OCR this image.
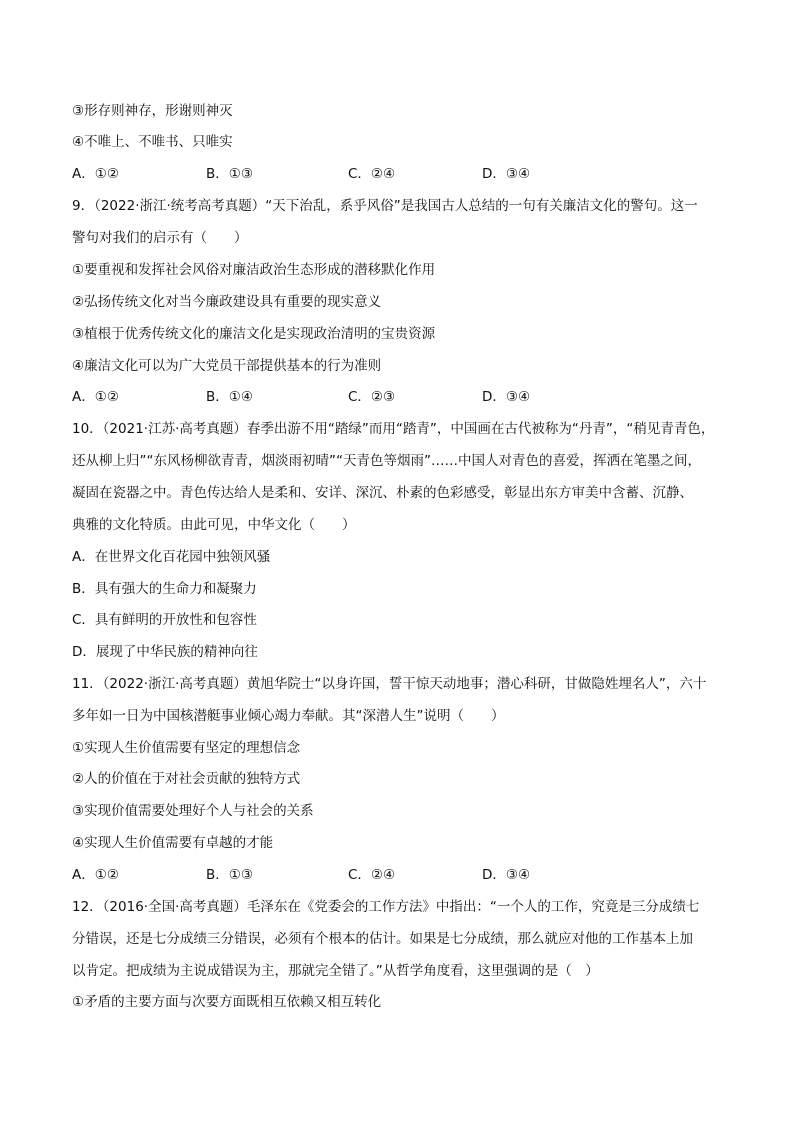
③形存则神存，形谢则神灭
④不唯上、不唯书、只唯实
A．①②	B．①③	C．②④	D．③④
9．（2022·浙江·统考高考真题）“天下治乱，系乎风俗”是我国古人总结的一句有关廉洁文化的警句。这一
警句对我们的启示有（　　）
①要重视和发挥社会风俗对廉洁政治生态形成的潜移默化作用
②弘扬传统文化对当今廉政建设具有重要的现实意义
③植根于优秀传统文化的廉洁文化是实现政治清明的宝贵资源
④廉洁文化可以为广大党员干部提供基本的行为准则
A．①②	B．①④	C．②③	D．③④
10．（2021·江苏·高考真题）春季出游不用“踏绿”而用“踏青”，中国画在古代被称为“丹青”，“稍见青青色，
还从柳上归”“东风杨柳欲青青，烟淡雨初晴”“天青色等烟雨”……中国人对青色的喜爱，挥洒在笔墨之间，
凝固在瓷器之中。青色传达给人是柔和、安详、深沉、朴素的色彩感受，彰显出东方审美中含蓄、沉静、
典雅的文化特质。由此可见，中华文化（　　）
A．在世界文化百花园中独领风骚
B．具有强大的生命力和凝聚力
C．具有鲜明的开放性和包容性
D．展现了中华民族的精神向往
11．（2022·浙江·高考真题）黄旭华院士“以身许国，誓干惊天动地事；潜心科研，甘做隐姓埋名人”，六十
多年如一日为中国核潜艇事业倾心竭力奉献。其“深潜人生”说明（　　）
①实现人生价值需要有坚定的理想信念
②人的价值在于对社会贡献的独特方式
③实现价值需要处理好个人与社会的关系
④实现人生价值需要有卓越的才能
A．①②	B．①③	C．②④	D．③④
12．（2016·全国·高考真题）毛泽东在《党委会的工作方法》中指出：“一个人的工作，究竟是三分成绩七
分错误，还是七分成绩三分错误，必须有个根本的估计。如果是七分成绩，那么就应对他的工作基本上加
以肯定。把成绩为主说成错误为主，那就完全错了。”从哲学角度看，这里强调的是（　）
①矛盾的主要方面与次要方面既相互依赖又相互转化
